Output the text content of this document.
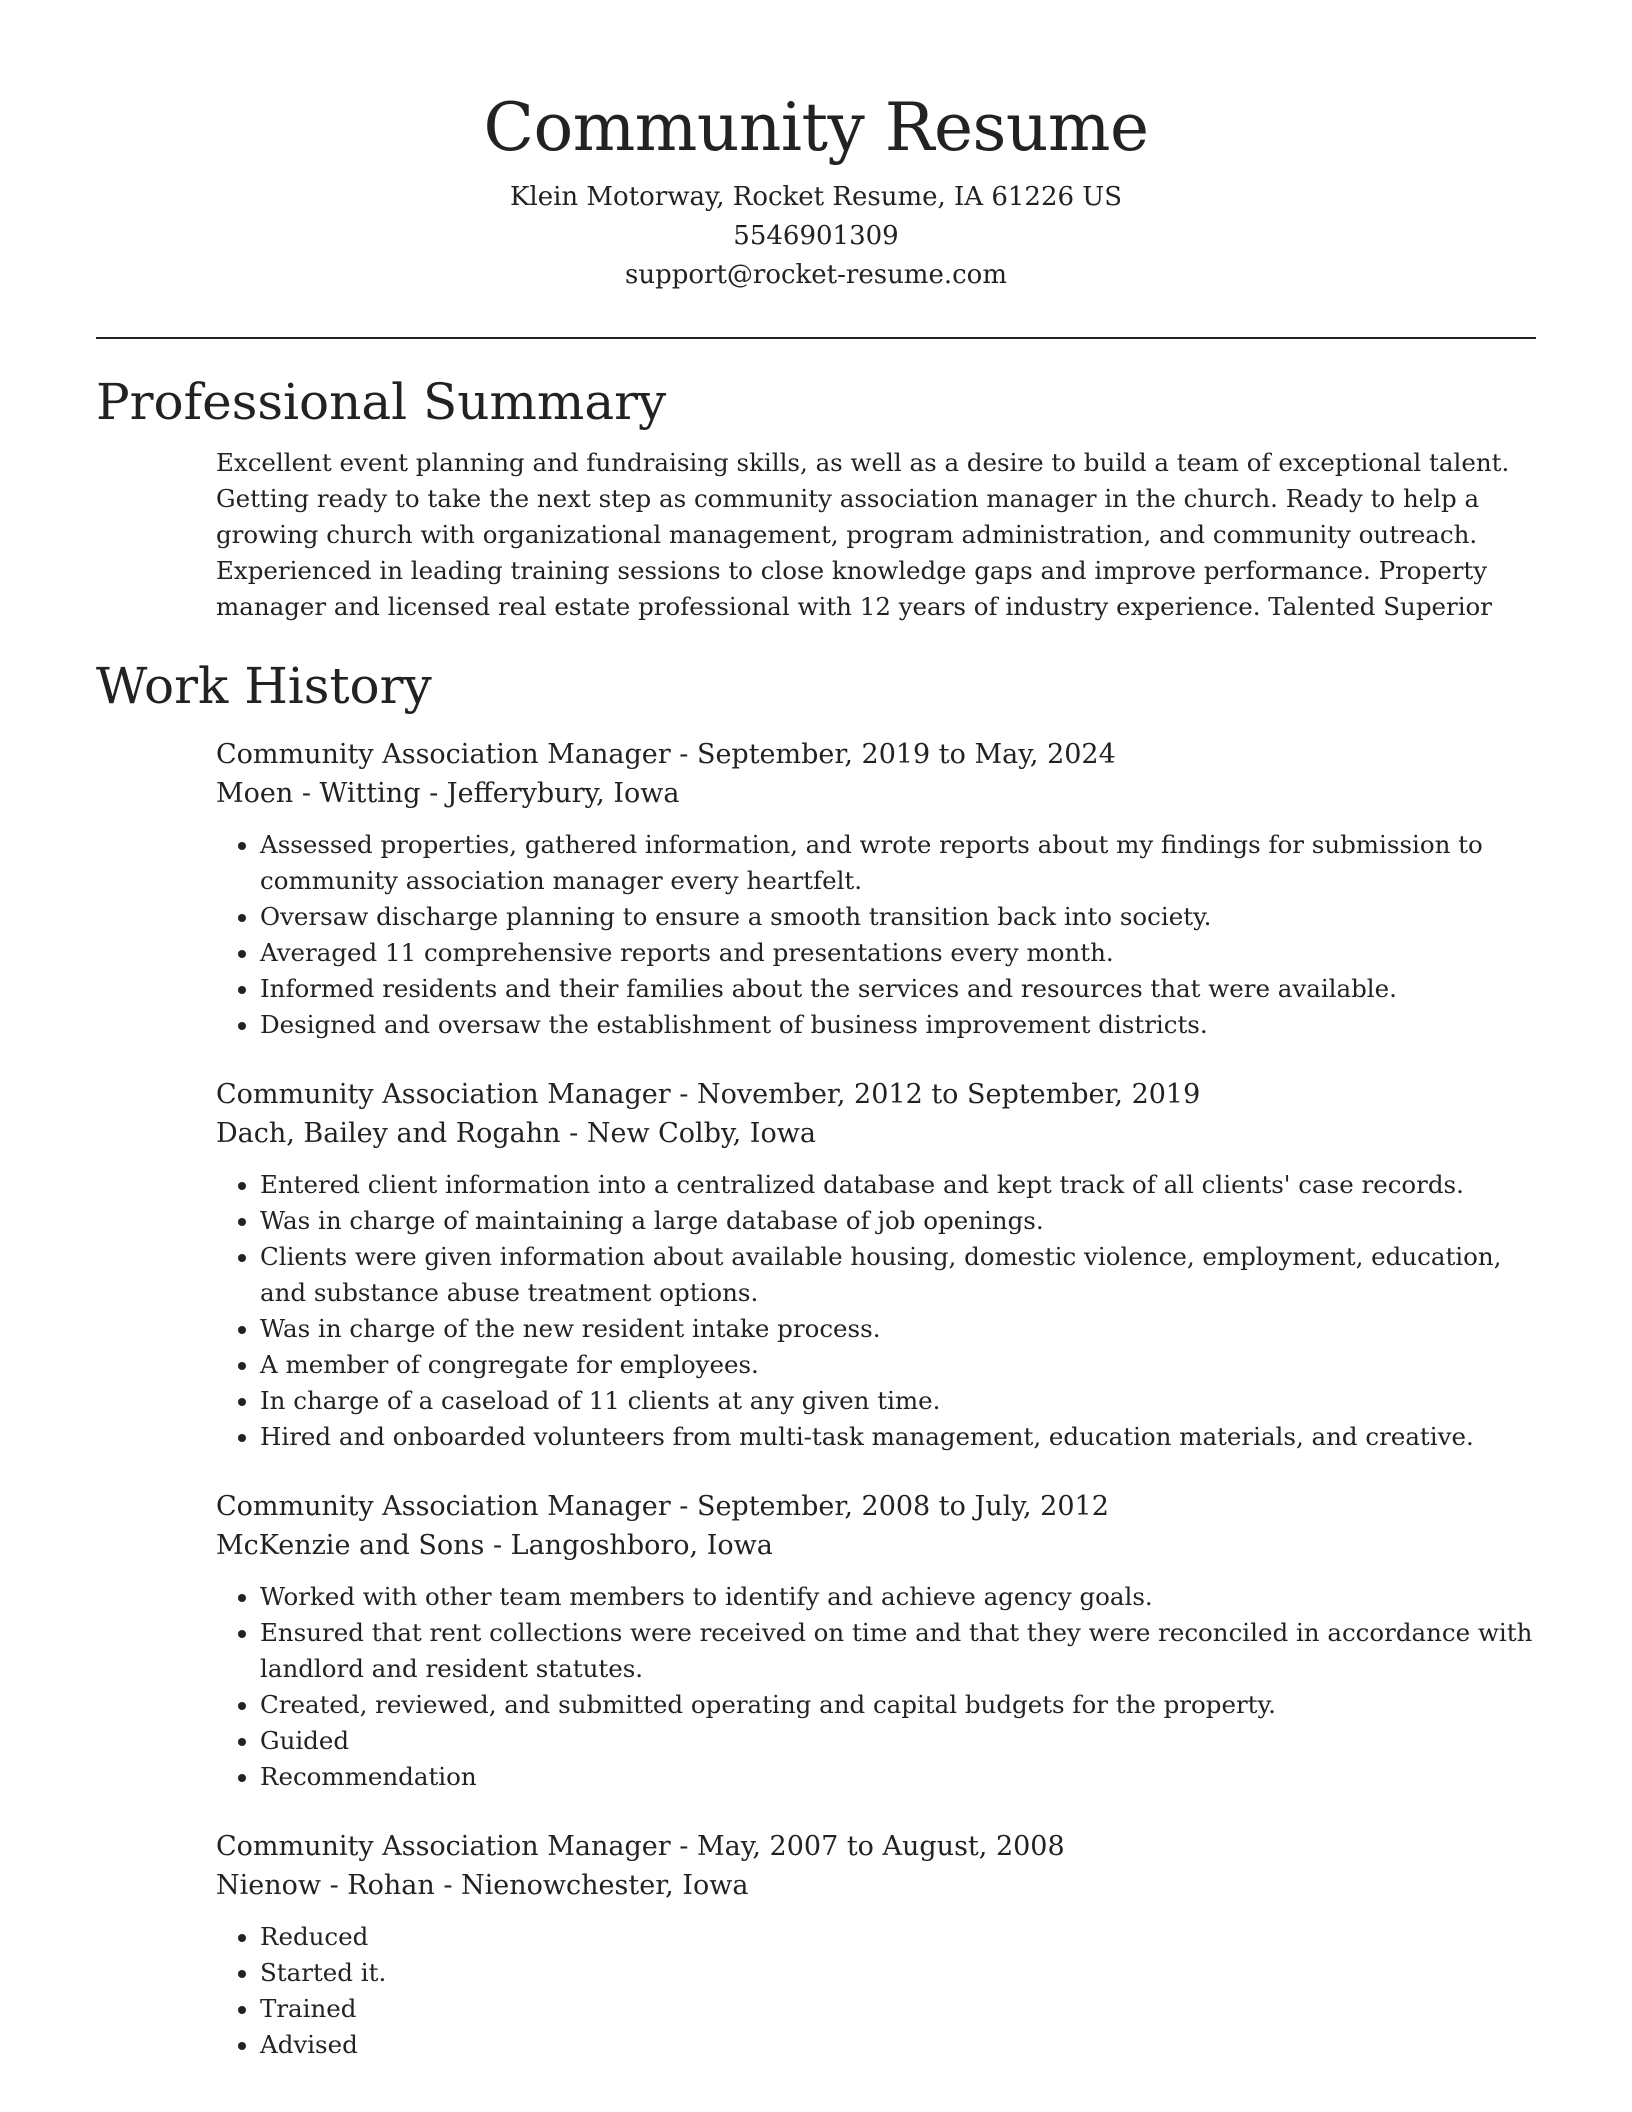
Community Resume
Klein Motorway, Rocket Resume, IA 61226 US
5546901309
support@rocket-resume.com
Professional Summary

Excellent event planning and fundraising skills, as well as a desire to build a team of exceptional talent. Getting ready to take the next step as community association manager in the church. Ready to help a growing church with organizational management, program administration, and community outreach. Experienced in leading training sessions to close knowledge gaps and improve performance. Property manager and licensed real estate professional with 12 years of industry experience. Talented Superior

Work History
Community Association Manager - September, 2019 to May, 2024
Moen - Witting - Jefferybury, Iowa
• Assessed properties, gathered information, and wrote reports about my findings for submission to community association manager every heartfelt.
• Oversaw discharge planning to ensure a smooth transition back into society.
• Averaged 11 comprehensive reports and presentations every month.
• Informed residents and their families about the services and resources that were available.
• Designed and oversaw the establishment of business improvement districts.
Community Association Manager - November, 2012 to September, 2019
Dach, Bailey and Rogahn - New Colby, Iowa
• Entered client information into a centralized database and kept track of all clients' case records.
• Was in charge of maintaining a large database of job openings.
• Clients were given information about available housing, domestic violence, employment, education, and substance abuse treatment options.
• Was in charge of the new resident intake process.
• A member of congregate for employees.
• In charge of a caseload of 11 clients at any given time.
• Hired and onboarded volunteers from multi-task management, education materials, and creative.
Community Association Manager - September, 2008 to July, 2012
McKenzie and Sons - Langoshboro, Iowa
• Worked with other team members to identify and achieve agency goals.
• Ensured that rent collections were received on time and that they were reconciled in accordance with landlord and resident statutes.
• Created, reviewed, and submitted operating and capital budgets for the property.
• Guided
• Recommendation
Community Association Manager - May, 2007 to August, 2008
Nienow - Rohan - Nienowchester, Iowa
• Reduced
• Started it.
• Trained
• Advised
